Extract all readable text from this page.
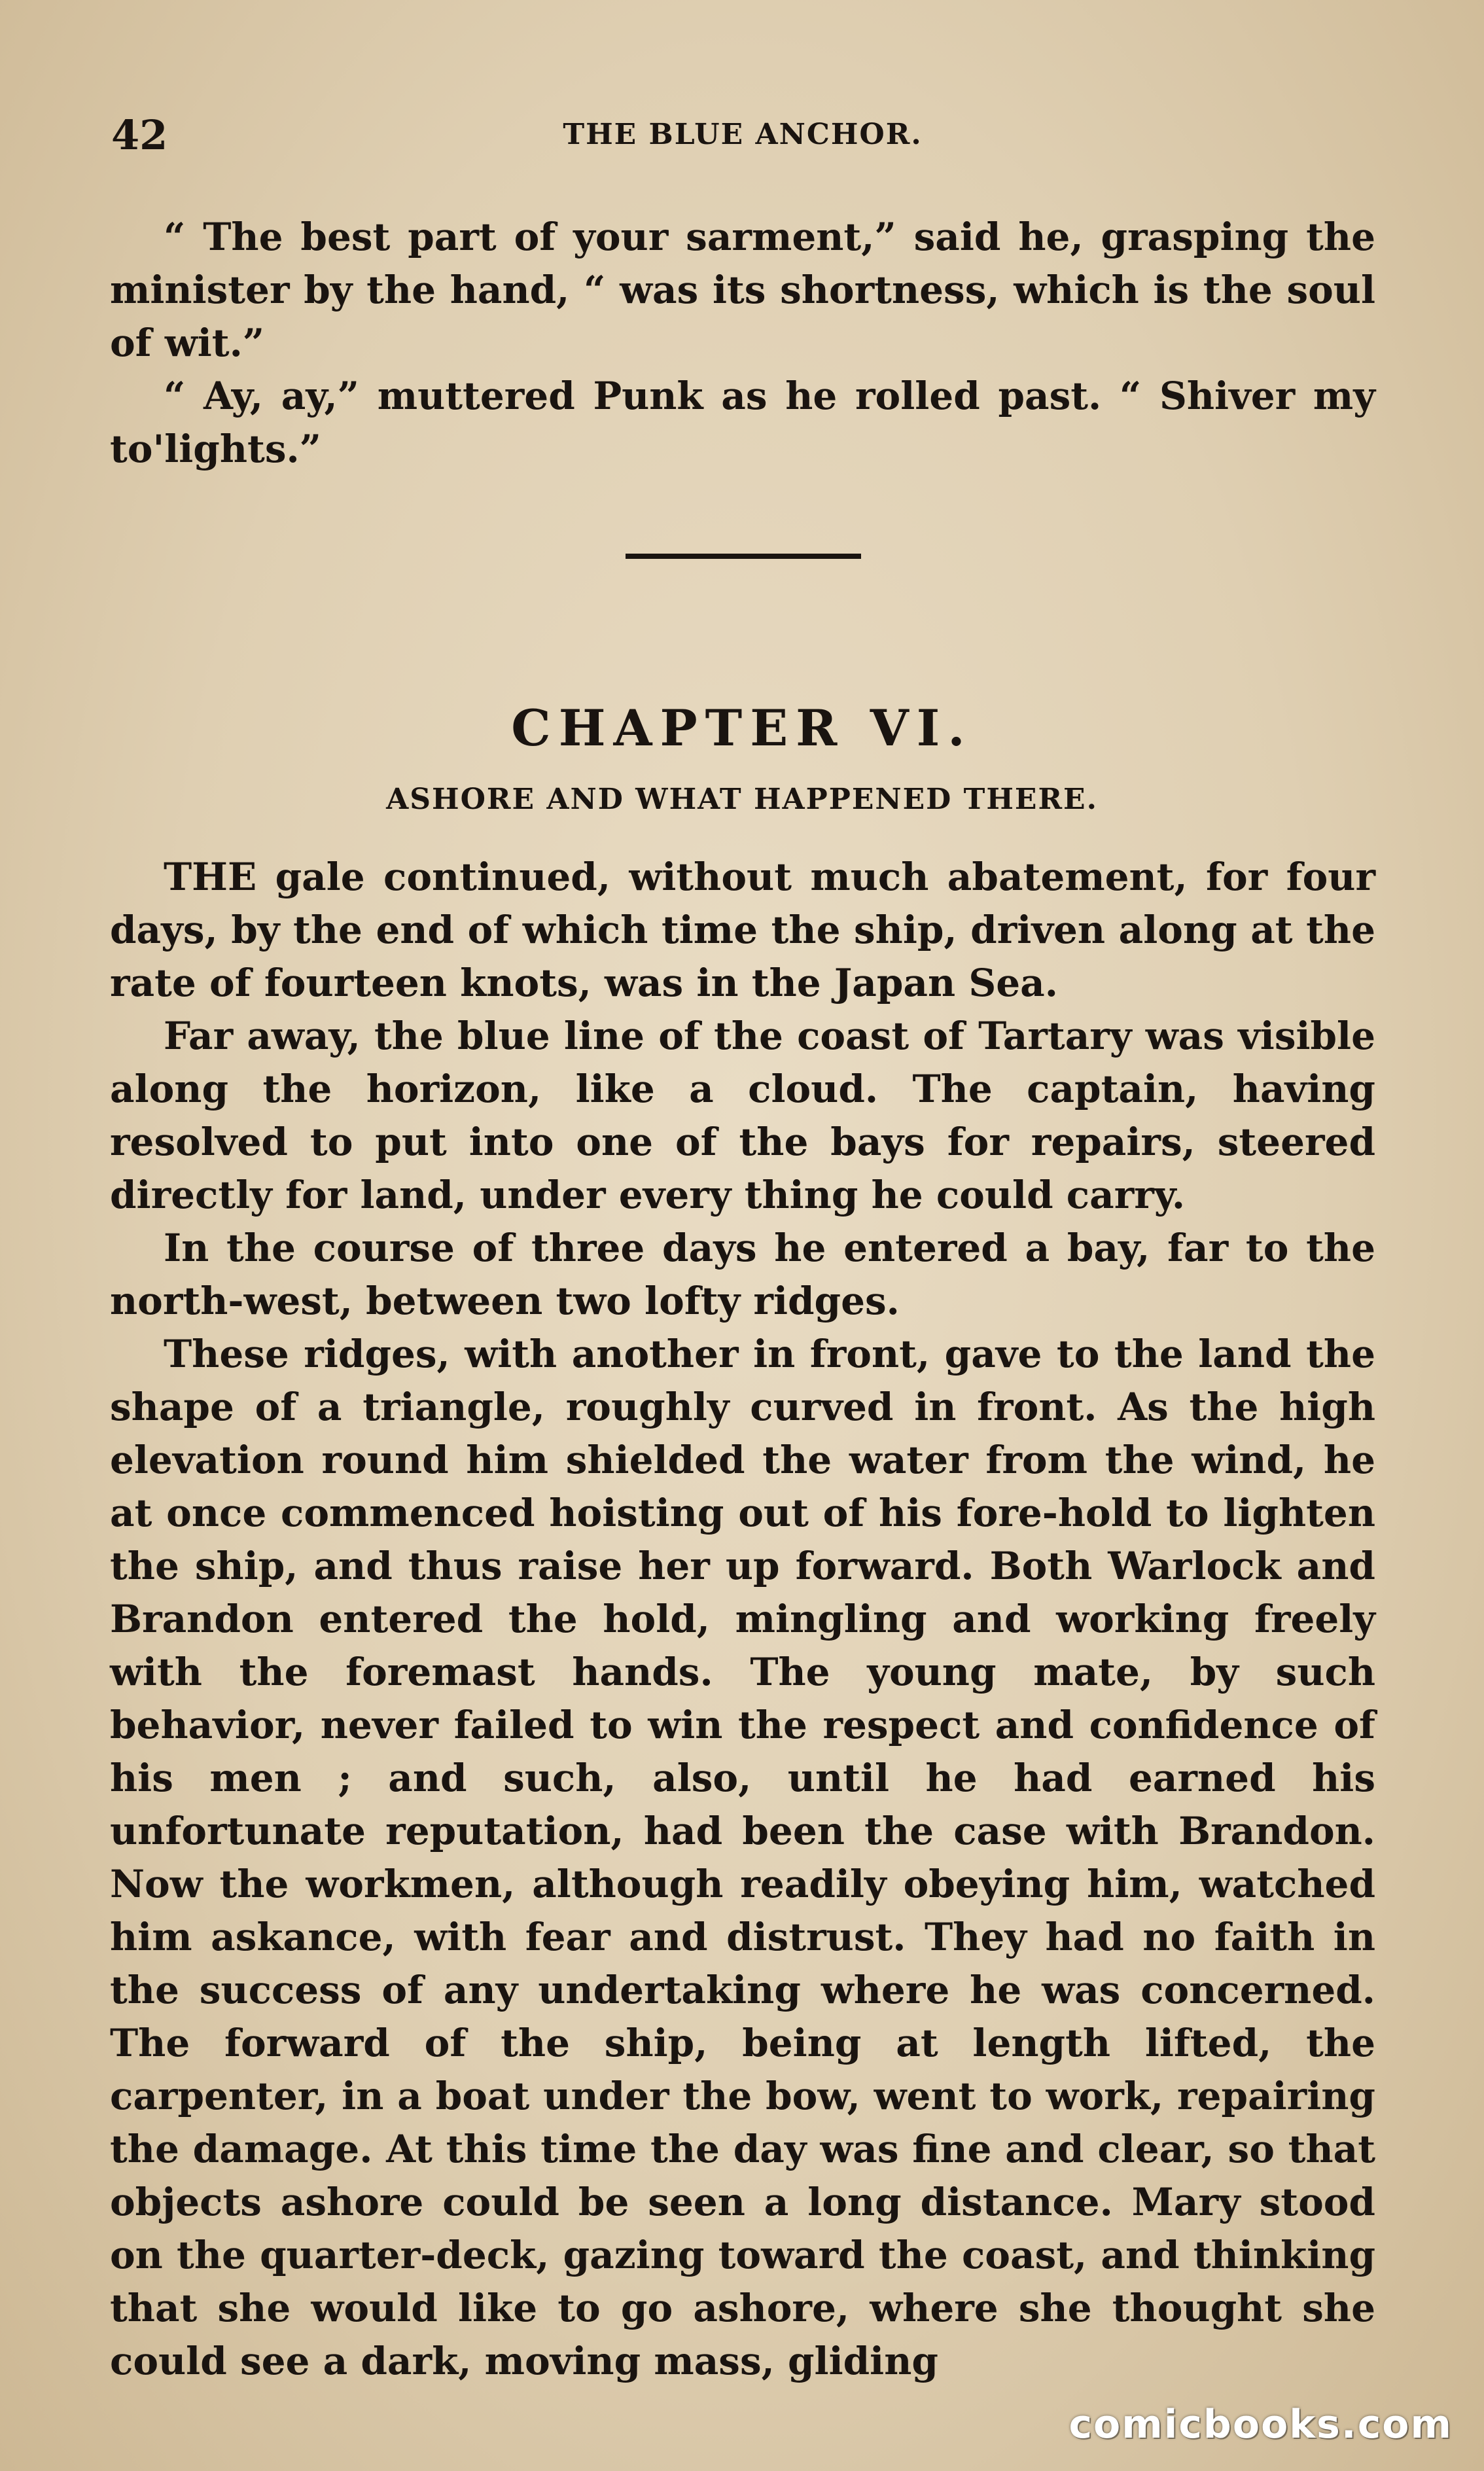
42	THE BLUE ANCHOR.

“ The best part of your sarment,” said he, grasping the minister by the hand, “ was its shortness, which is the soul of wit.”

“ Ay, ay,” muttered Punk as he rolled past. “ Shiver my to'lights.”

CHAPTER VI.
ASHORE AND WHAT HAPPENED THERE.

THE gale continued, without much abatement, for four days, by the end of which time the ship, driven along at the rate of fourteen knots, was in the Japan Sea.

Far away, the blue line of the coast of Tartary was visible along the horizon, like a cloud. The captain, having resolved to put into one of the bays for repairs, steered directly for land, under every thing he could carry.

In the course of three days he entered a bay, far to the north-west, between two lofty ridges.

These ridges, with another in front, gave to the land the shape of a triangle, roughly curved in front. As the high elevation round him shielded the water from the wind, he at once commenced hoisting out of his fore-hold to lighten the ship, and thus raise her up forward. Both Warlock and Brandon entered the hold, mingling and working freely with the foremast hands. The young mate, by such behavior, never failed to win the respect and confidence of his men ; and such, also, until he had earned his unfortunate reputation, had been the case with Brandon. Now the workmen, although readily obeying him, watched him askance, with fear and distrust. They had no faith in the success of any undertaking where he was concerned. The forward of the ship, being at length lifted, the carpenter, in a boat under the bow, went to work, repairing the damage. At this time the day was fine and clear, so that objects ashore could be seen a long distance. Mary stood on the quarter-deck, gazing toward the coast, and thinking that she would like to go ashore, where she thought she could see a dark, moving mass, gliding

comicbooks.com
